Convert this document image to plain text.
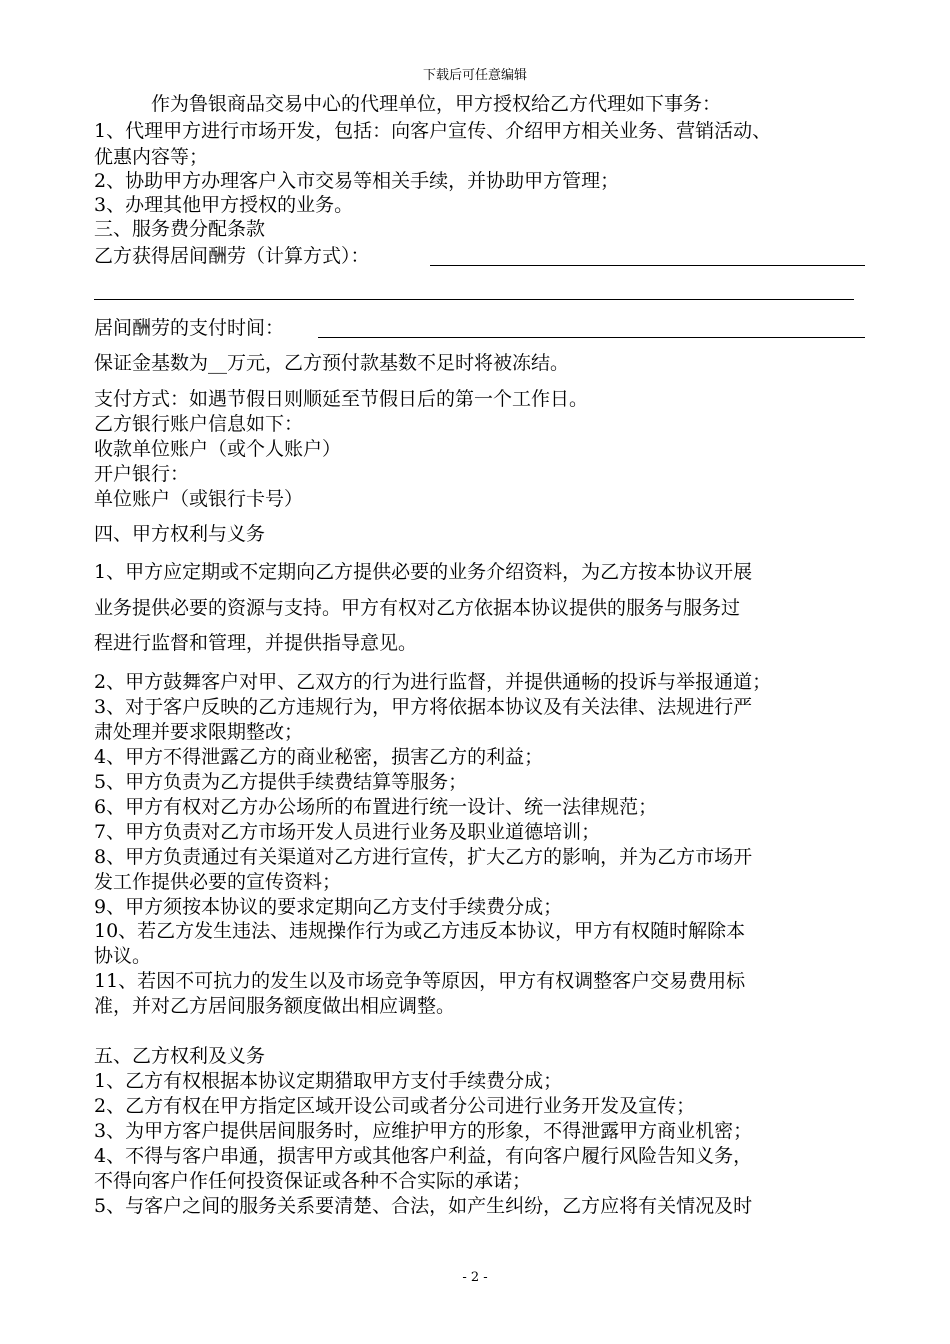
下载后可任意编辑
作为鲁银商品交易中心的代理单位，甲方授权给乙方代理如下事务：
1、代理甲方进行市场开发，包括：向客户宣传、介绍甲方相关业务、营销活动、
优惠内容等；
2、协助甲方办理客户入市交易等相关手续，并协助甲方管理；
3、办理其他甲方授权的业务。
三、服务费分配条款
乙方获得居间酬劳（计算方式）：
居间酬劳的支付时间：
保证金基数为__万元，乙方预付款基数不足时将被冻结。
支付方式：如遇节假日则顺延至节假日后的第一个工作日。
乙方银行账户信息如下：
收款单位账户（或个人账户）
开户银行：
单位账户（或银行卡号）
四、甲方权利与义务
1、甲方应定期或不定期向乙方提供必要的业务介绍资料，为乙方按本协议开展
业务提供必要的资源与支持。甲方有权对乙方依据本协议提供的服务与服务过
程进行监督和管理，并提供指导意见。
2、甲方鼓舞客户对甲、乙双方的行为进行监督，并提供通畅的投诉与举报通道；
3、对于客户反映的乙方违规行为，甲方将依据本协议及有关法律、法规进行严
肃处理并要求限期整改；
4、甲方不得泄露乙方的商业秘密，损害乙方的利益；
5、甲方负责为乙方提供手续费结算等服务；
6、甲方有权对乙方办公场所的布置进行统一设计、统一法律规范；
7、甲方负责对乙方市场开发人员进行业务及职业道德培训；
8、甲方负责通过有关渠道对乙方进行宣传，扩大乙方的影响，并为乙方市场开
发工作提供必要的宣传资料；
9、甲方须按本协议的要求定期向乙方支付手续费分成；
10、若乙方发生违法、违规操作行为或乙方违反本协议，甲方有权随时解除本
协议。
11、若因不可抗力的发生以及市场竞争等原因，甲方有权调整客户交易费用标
准，并对乙方居间服务额度做出相应调整。
五、乙方权利及义务
1、乙方有权根据本协议定期猎取甲方支付手续费分成；
2、乙方有权在甲方指定区域开设公司或者分公司进行业务开发及宣传；
3、为甲方客户提供居间服务时，应维护甲方的形象，不得泄露甲方商业机密；
4、不得与客户串通，损害甲方或其他客户利益，有向客户履行风险告知义务，
不得向客户作任何投资保证或各种不合实际的承诺；
5、与客户之间的服务关系要清楚、合法，如产生纠纷，乙方应将有关情况及时
- 2 -
